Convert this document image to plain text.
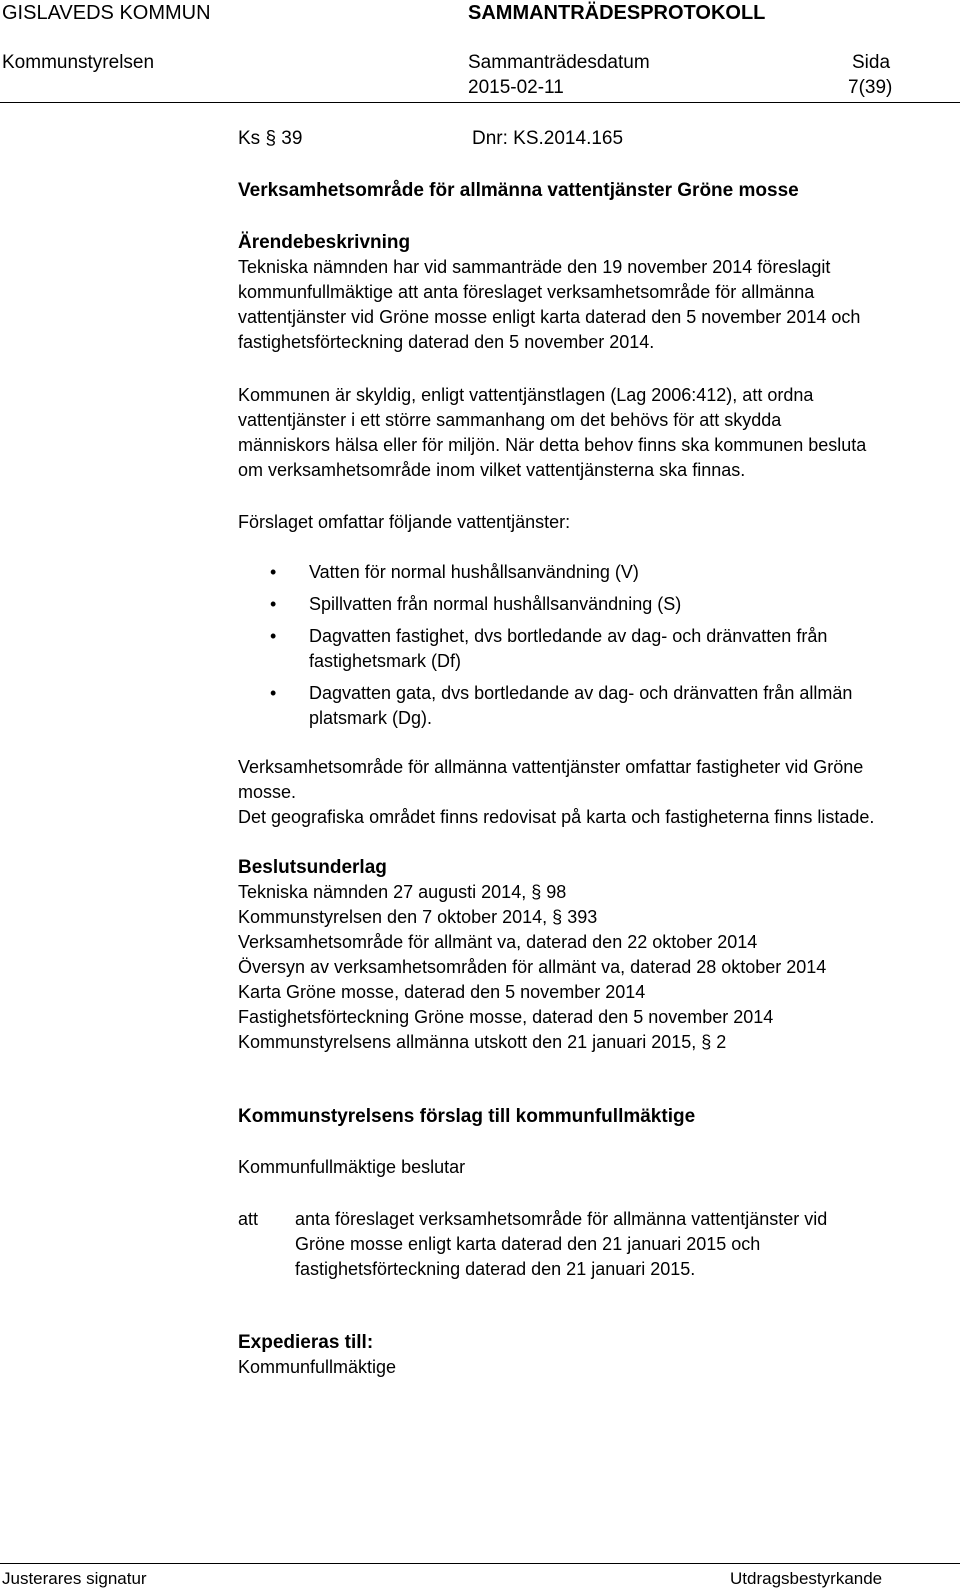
GISLAVEDS KOMMUN	SAMMANTRÄDESPROTOKOLL
Kommunstyrelsen	Sammanträdesdatum	Sida
2015-02-11	7(39)
Ks § 39	Dnr: KS.2014.165
Verksamhetsområde för allmänna vattentjänster Gröne mosse

Ärendebeskrivning

Tekniska nämnden har vid sammanträde den 19 november 2014 föreslagit

kommunfullmäktige att anta föreslaget verksamhetsområde för allmänna

vattentjänster vid Gröne mosse enligt karta daterad den 5 november 2014 och

fastighetsförteckning daterad den 5 november 2014.

Kommunen är skyldig, enligt vattentjänstlagen (Lag 2006:412), att ordna

vattentjänster i ett större sammanhang om det behövs för att skydda

människors hälsa eller för miljön. När detta behov finns ska kommunen besluta

om verksamhetsområde inom vilket vattentjänsterna ska finnas.

Förslaget omfattar följande vattentjänster:

• Vatten för normal hushållsanvändning (V)
• Spillvatten från normal hushållsanvändning (S)
• Dagvatten fastighet, dvs bortledande av dag- och dränvatten från
fastighetsmark (Df)
• Dagvatten gata, dvs bortledande av dag- och dränvatten från allmän
platsmark (Dg).

Verksamhetsområde för allmänna vattentjänster omfattar fastigheter vid Gröne

mosse.

Det geografiska området finns redovisat på karta och fastigheterna finns listade.

Beslutsunderlag

Tekniska nämnden 27 augusti 2014, § 98

Kommunstyrelsen den 7 oktober 2014, § 393

Verksamhetsområde för allmänt va, daterad den 22 oktober 2014

Översyn av verksamhetsområden för allmänt va, daterad 28 oktober 2014

Karta Gröne mosse, daterad den 5 november 2014

Fastighetsförteckning Gröne mosse, daterad den 5 november 2014

Kommunstyrelsens allmänna utskott den 21 januari 2015, § 2

Kommunstyrelsens förslag till kommunfullmäktige
Kommunfullmäktige beslutar
att anta föreslaget verksamhetsområde för allmänna vattentjänster vid

Gröne mosse enligt karta daterad den 21 januari 2015 och

fastighetsförteckning daterad den 21 januari 2015.

Expedieras till:
Kommunfullmäktige
Justerares signatur	Utdragsbestyrkande
